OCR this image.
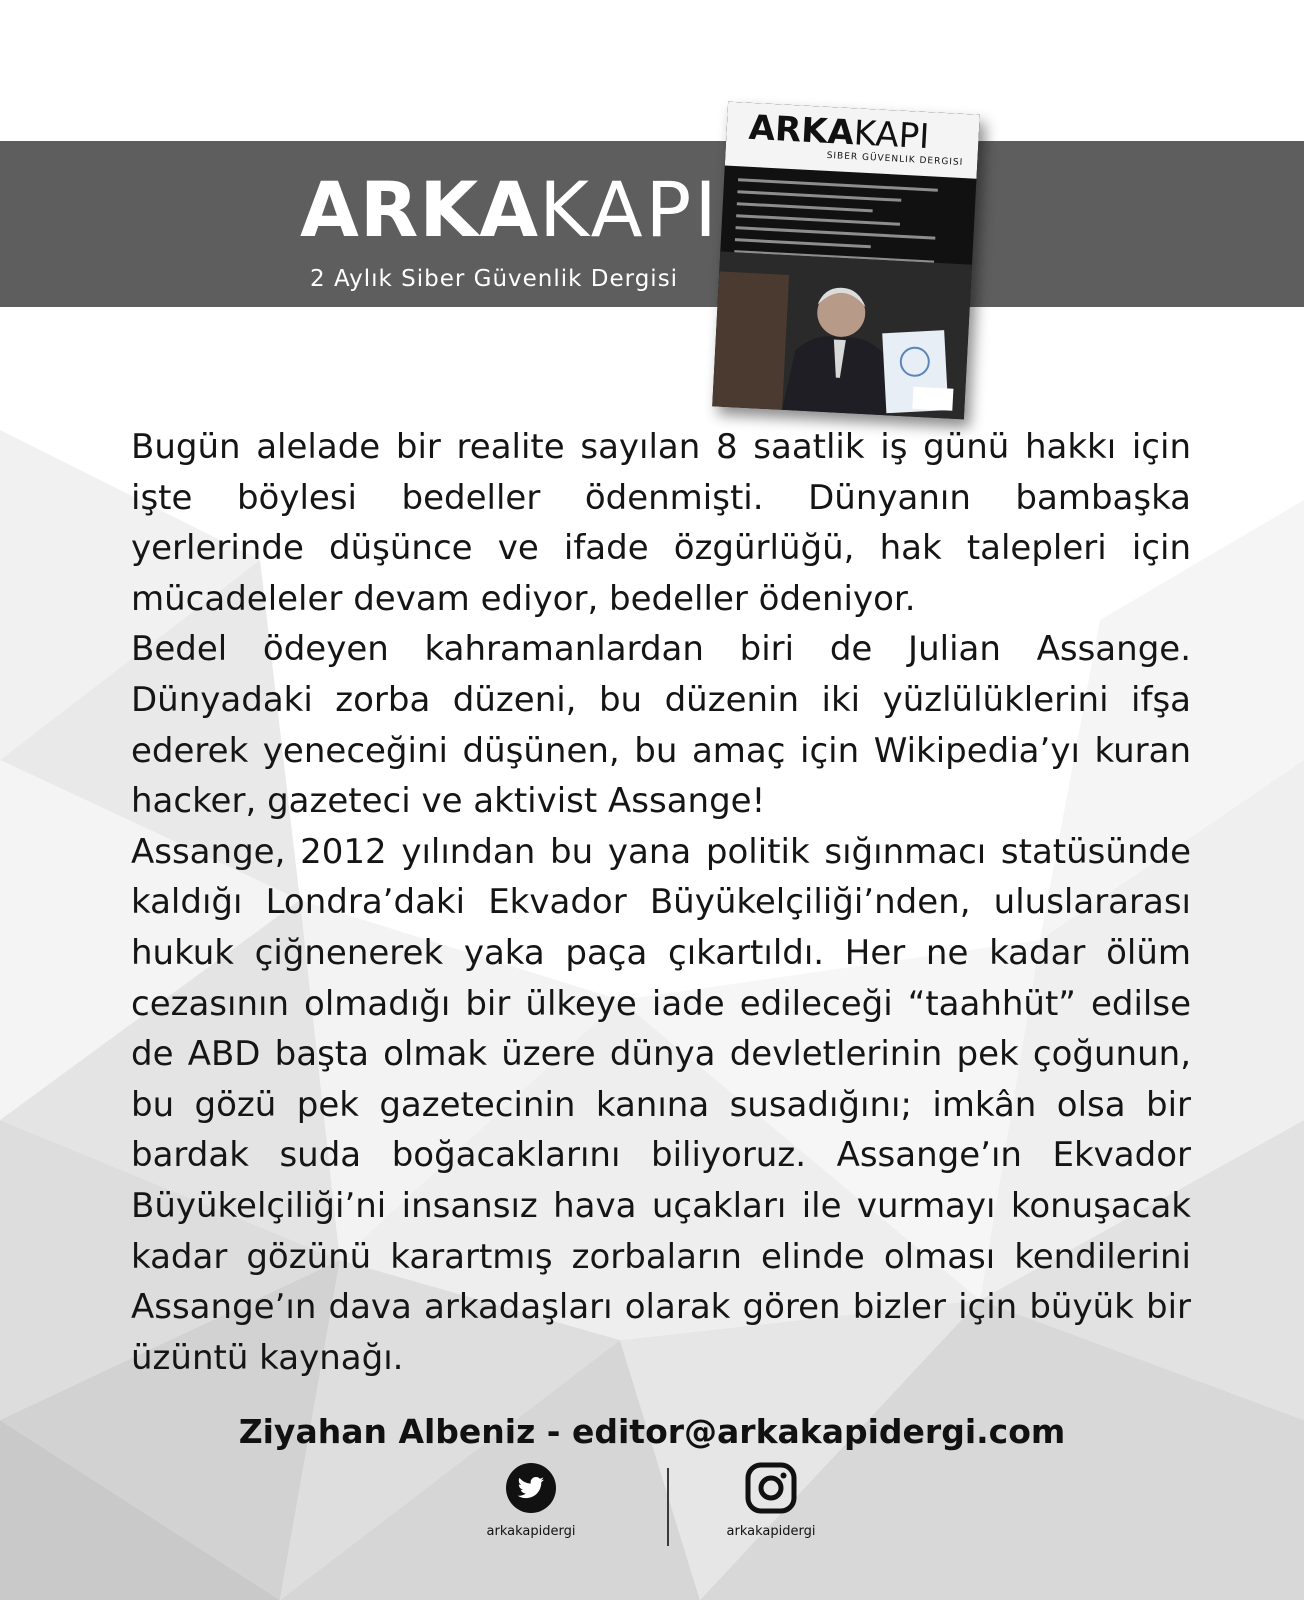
ARKAKAPI
2 Aylık Siber Güvenlik Dergisi
ARKAKAPI
SIBER GÜVENLIK DERGISI

Bugün alelade bir realite sayılan 8 saatlik iş günü hakkı için işte böylesi bedeller ödenmişti. Dünyanın bambaşka yerlerinde düşünce ve ifade özgürlüğü, hak talepleri için mücadeleler devam ediyor, bedeller ödeniyor.

Bedel ödeyen kahramanlardan biri de Julian Assange. Dünyadaki zorba düzeni, bu düzenin iki yüzlülüklerini ifşa ederek yeneceğini düşünen, bu amaç için Wikipedia’yı kuran hacker, gazeteci ve aktivist Assange!

Assange, 2012 yılından bu yana politik sığınmacı statüsünde kaldığı Londra’daki Ekvador Büyükelçiliği’nden, uluslararası hukuk çiğnenerek yaka paça çıkartıldı. Her ne kadar ölüm cezasının olmadığı bir ülkeye iade edileceği “taahhüt” edilse de ABD başta olmak üzere dünya devletlerinin pek çoğunun, bu gözü pek gazetecinin kanına susadığını; imkân olsa bir bardak suda boğacaklarını biliyoruz. Assange’ın Ekvador Büyükelçiliği’ni insansız hava uçakları ile vurmayı konuşacak kadar gözünü karartmış zorbaların elinde olması kendilerini Assange’ın dava arkadaşları olarak gören bizler için büyük bir üzüntü kaynağı.

Ziyahan Albeniz - editor@arkakapidergi.com
arkakapidergi	arkakapidergi
